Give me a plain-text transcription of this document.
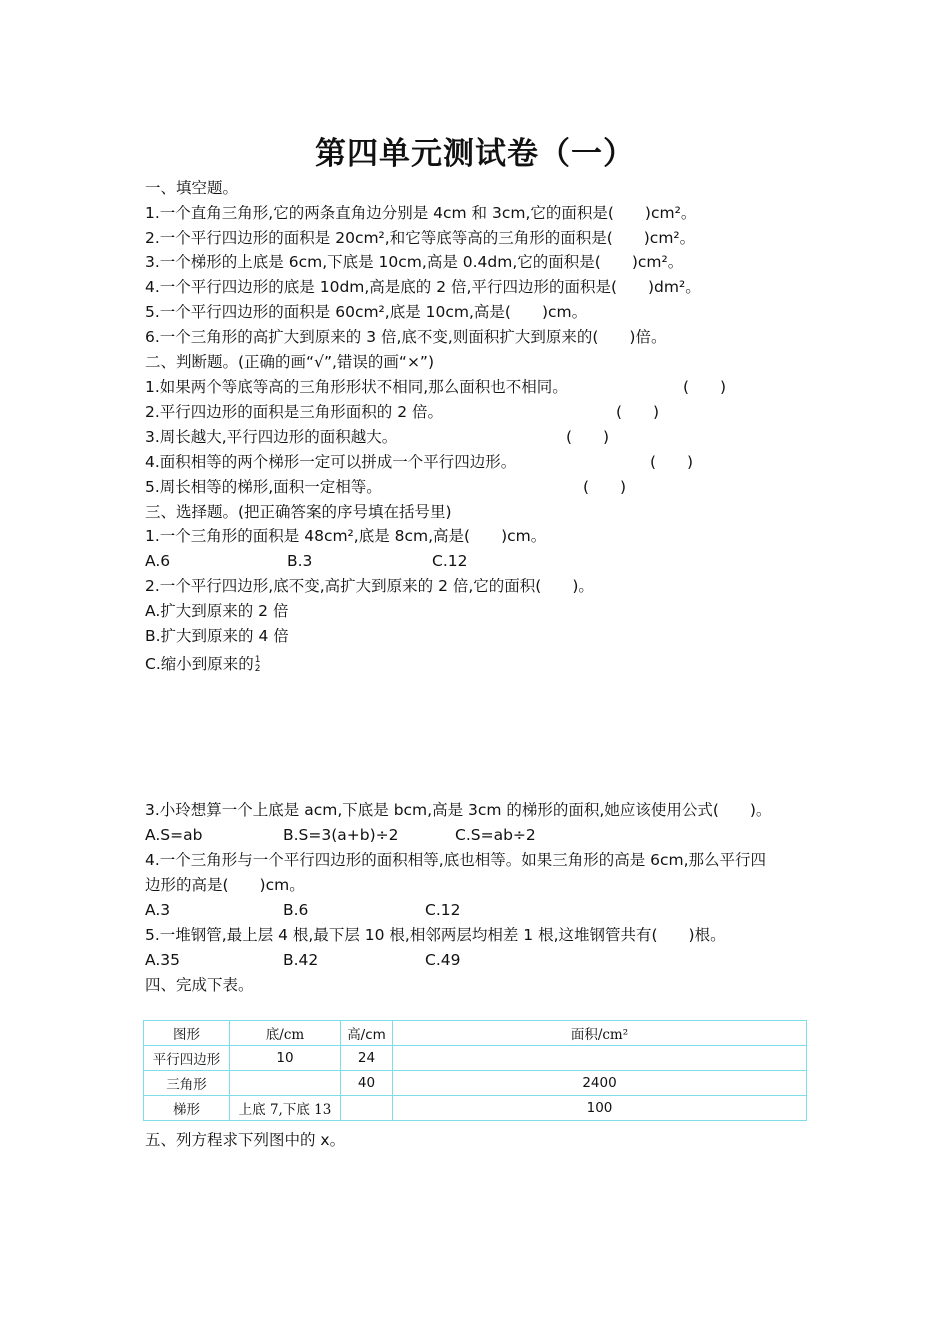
第四单元测试卷（一）
一、填空题。
1.一个直角三角形,它的两条直角边分别是 4cm 和 3cm,它的面积是(　　)cm²。
2.一个平行四边形的面积是 20cm²,和它等底等高的三角形的面积是(　　)cm²。
3.一个梯形的上底是 6cm,下底是 10cm,高是 0.4dm,它的面积是(　　)cm²。
4.一个平行四边形的底是 10dm,高是底的 2 倍,平行四边形的面积是(　　)dm²。
5.一个平行四边形的面积是 60cm²,底是 10cm,高是(　　)cm。
6.一个三角形的高扩大到原来的 3 倍,底不变,则面积扩大到原来的(　　)倍。
二、判断题。(正确的画“√”,错误的画“×”)
1.如果两个等底等高的三角形形状不相同,那么面积也不相同。	(　　)
2.平行四边形的面积是三角形面积的 2 倍。	(　　)
3.周长越大,平行四边形的面积越大。	(　　)
4.面积相等的两个梯形一定可以拼成一个平行四边形。	(　　)
5.周长相等的梯形,面积一定相等。	(　　)
三、选择题。(把正确答案的序号填在括号里)
1.一个三角形的面积是 48cm²,底是 8cm,高是(　　)cm。
A.6	B.3	C.12
2.一个平行四边形,底不变,高扩大到原来的 2 倍,它的面积(　　)。
A.扩大到原来的 2 倍
B.扩大到原来的 4 倍
C.缩小到原来的 1
2
3.小玲想算一个上底是 acm,下底是 bcm,高是 3cm 的梯形的面积,她应该使用公式(　　)。
A.S=ab	B.S=3(a+b)÷2	C.S=ab÷2
4.一个三角形与一个平行四边形的面积相等,底也相等。如果三角形的高是 6cm,那么平行四
边形的高是(　　)cm。
A.3	B.6	C.12
5.一堆钢管,最上层 4 根,最下层 10 根,相邻两层均相差 1 根,这堆钢管共有(　　)根。
A.35	B.42	C.49
四、完成下表。
图形	底/cm	高/cm	面积/cm²
平行四边形	10	24	
三角形		40	2400
梯形	上底 7,下底 13		100
五、列方程求下列图中的 x。
